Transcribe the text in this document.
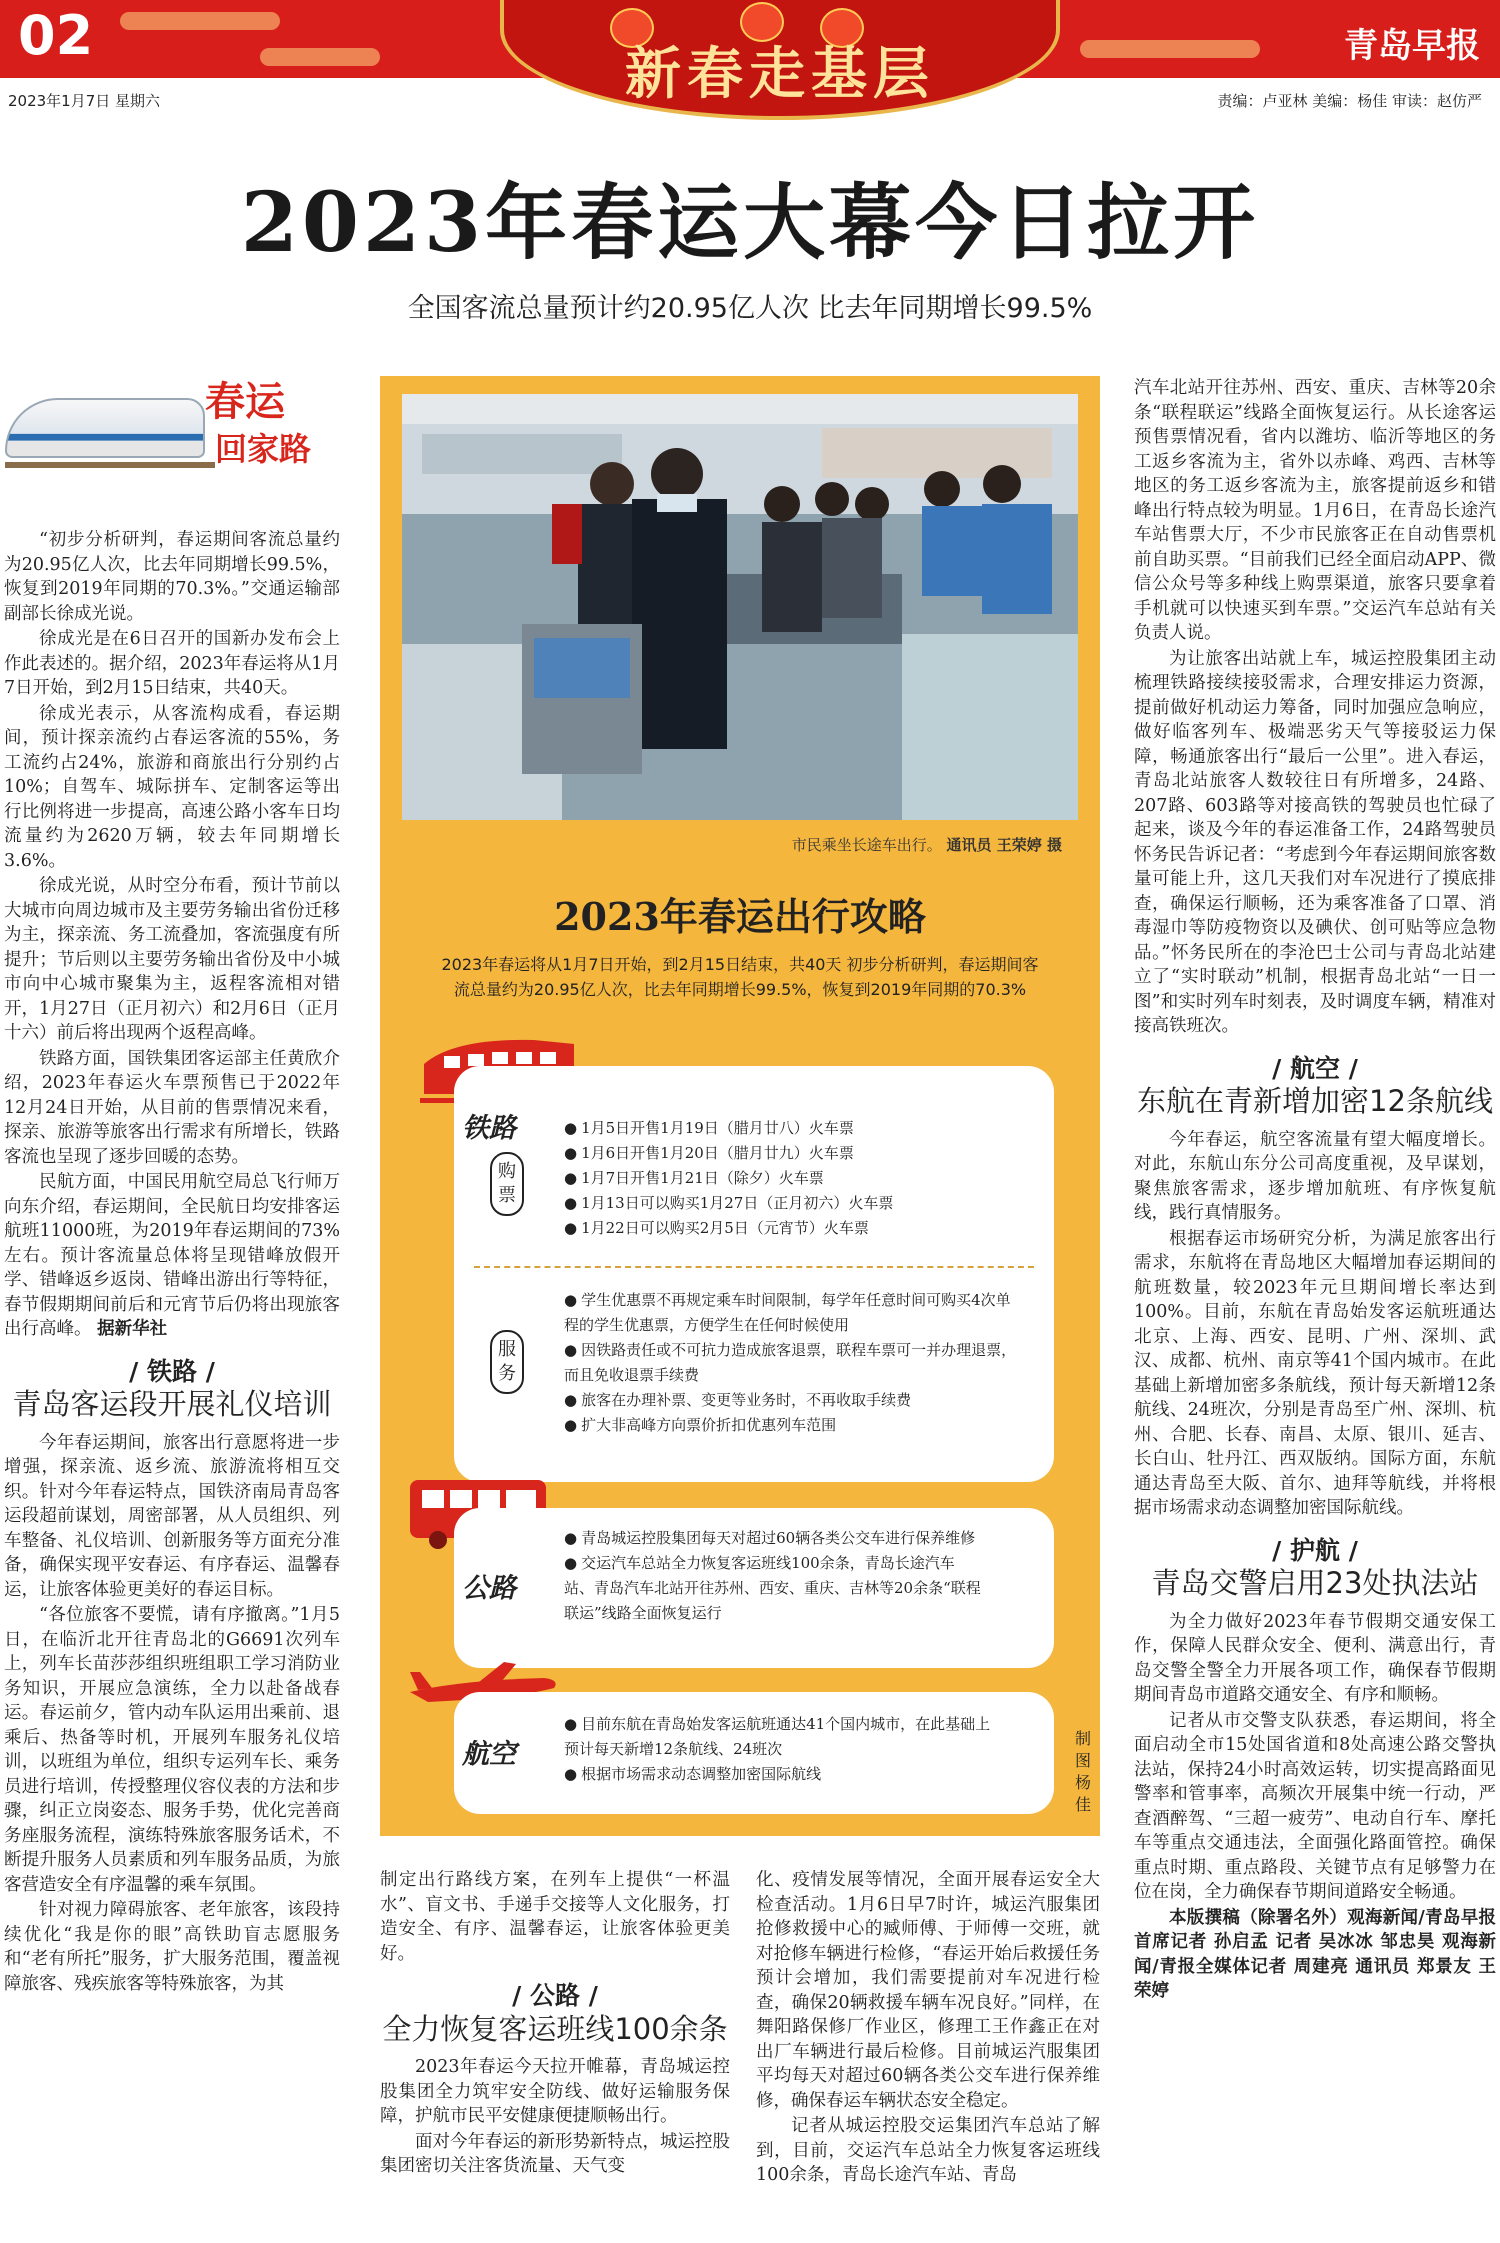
02
新春走基层	青岛早报
2023年1月7日 星期六	责编：卢亚林 美编：杨佳 审读：赵仿严
2023年春运大幕今日拉开
全国客流总量预计约20.95亿人次 比去年同期增长99.5%
春运
回家路

“初步分析研判，春运期间客流总量约为20.95亿人次，比去年同期增长99.5%，恢复到2019年同期的70.3%。”交通运输部副部长徐成光说。

徐成光是在6日召开的国新办发布会上作此表述的。据介绍，2023年春运将从1月7日开始，到2月15日结束，共40天。

徐成光表示，从客流构成看，春运期间，预计探亲流约占春运客流的55%，务工流约占24%，旅游和商旅出行分别约占10%；自驾车、城际拼车、定制客运等出行比例将进一步提高，高速公路小客车日均流量约为2620万辆，较去年同期增长3.6%。

徐成光说，从时空分布看，预计节前以大城市向周边城市及主要劳务输出省份迁移为主，探亲流、务工流叠加，客流强度有所提升；节后则以主要劳务输出省份及中小城市向中心城市聚集为主，返程客流相对错开，1月27日（正月初六）和2月6日（正月十六）前后将出现两个返程高峰。

铁路方面，国铁集团客运部主任黄欣介绍，2023年春运火车票预售已于2022年12月24日开始，从目前的售票情况来看，探亲、旅游等旅客出行需求有所增长，铁路客流也呈现了逐步回暖的态势。

民航方面，中国民用航空局总飞行师万向东介绍，春运期间，全民航日均安排客运航班11000班，为2019年春运期间的73%左右。预计客流量总体将呈现错峰放假开学、错峰返乡返岗、错峰出游出行等特征，春节假期期间前后和元宵节后仍将出现旅客出行高峰。 据新华社

/ 铁路 /
青岛客运段开展礼仪培训

今年春运期间，旅客出行意愿将进一步增强，探亲流、返乡流、旅游流将相互交织。针对今年春运特点，国铁济南局青岛客运段超前谋划，周密部署，从人员组织、列车整备、礼仪培训、创新服务等方面充分准备，确保实现平安春运、有序春运、温馨春运，让旅客体验更美好的春运目标。

“各位旅客不要慌，请有序撤离。”1月5日，在临沂北开往青岛北的G6691次列车上，列车长苗莎莎组织班组职工学习消防业务知识，开展应急演练，全力以赴备战春运。春运前夕，管内动车队运用出乘前、退乘后、热备等时机，开展列车服务礼仪培训，以班组为单位，组织专运列车长、乘务员进行培训，传授整理仪容仪表的方法和步骤，纠正立岗姿态、服务手势，优化完善商务座服务流程，演练特殊旅客服务话术，不断提升服务人员素质和列车服务品质，为旅客营造安全有序温馨的乘车氛围。

针对视力障碍旅客、老年旅客，该段持续优化“我是你的眼”高铁助盲志愿服务和“老有所托”服务，扩大服务范围，覆盖视障旅客、残疾旅客等特殊旅客，为其

市民乘坐长途车出行。 通讯员 王荣婷 摄
2023年春运出行攻略
2023年春运将从1月7日开始，到2月15日结束，共40天 初步分析研判，春运期间客流总量约为20.95亿人次，比去年同期增长99.5%，恢复到2019年同期的70.3%
铁路
购票
● 1月5日开售1月19日（腊月廿八）火车票
● 1月6日开售1月20日（腊月廿九）火车票
● 1月7日开售1月21日（除夕）火车票
● 1月13日可以购买1月27日（正月初六）火车票
● 1月22日可以购买2月5日（元宵节）火车票
服务
● 学生优惠票不再规定乘车时间限制，每学年任意时间可购买4次单程的学生优惠票，方便学生在任何时候使用
● 因铁路责任或不可抗力造成旅客退票，联程车票可一并办理退票，而且免收退票手续费
● 旅客在办理补票、变更等业务时，不再收取手续费
● 扩大非高峰方向票价折扣优惠列车范围
公路
● 青岛城运控股集团每天对超过60辆各类公交车进行保养维修
● 交运汽车总站全力恢复客运班线100余条，青岛长途汽车站、青岛汽车北站开往苏州、西安、重庆、吉林等20余条“联程联运”线路全面恢复运行
航空
● 目前东航在青岛始发客运航班通达41个国内城市，在此基础上预计每天新增12条航线、24班次
● 根据市场需求动态调整加密国际航线
制图 杨佳

制定出行路线方案，在列车上提供“一杯温水”、盲文书、手递手交接等人文化服务，打造安全、有序、温馨春运，让旅客体验更美好。

/ 公路 /
全力恢复客运班线100余条

2023年春运今天拉开帷幕，青岛城运控股集团全力筑牢安全防线、做好运输服务保障，护航市民平安健康便捷顺畅出行。

面对今年春运的新形势新特点，城运控股集团密切关注客货流量、天气变

化、疫情发展等情况，全面开展春运安全大检查活动。1月6日早7时许，城运汽服集团抢修救援中心的臧师傅、于师傅一交班，就对抢修车辆进行检修，“春运开始后救援任务预计会增加，我们需要提前对车况进行检查，确保20辆救援车辆车况良好。”同样，在舞阳路保修厂作业区，修理工王作鑫正在对出厂车辆进行最后检修。目前城运汽服集团平均每天对超过60辆各类公交车进行保养维修，确保春运车辆状态安全稳定。

记者从城运控股交运集团汽车总站了解到，目前，交运汽车总站全力恢复客运班线100余条，青岛长途汽车站、青岛

汽车北站开往苏州、西安、重庆、吉林等20余条“联程联运”线路全面恢复运行。从长途客运预售票情况看，省内以潍坊、临沂等地区的务工返乡客流为主，省外以赤峰、鸡西、吉林等地区的务工返乡客流为主，旅客提前返乡和错峰出行特点较为明显。1月6日，在青岛长途汽车站售票大厅，不少市民旅客正在自动售票机前自助买票。“目前我们已经全面启动APP、微信公众号等多种线上购票渠道，旅客只要拿着手机就可以快速买到车票。”交运汽车总站有关负责人说。

为让旅客出站就上车，城运控股集团主动梳理铁路接续接驳需求，合理安排运力资源，提前做好机动运力筹备，同时加强应急响应，做好临客列车、极端恶劣天气等接驳运力保障，畅通旅客出行“最后一公里”。进入春运，青岛北站旅客人数较往日有所增多，24路、207路、603路等对接高铁的驾驶员也忙碌了起来，谈及今年的春运准备工作，24路驾驶员怀务民告诉记者：“考虑到今年春运期间旅客数量可能上升，这几天我们对车况进行了摸底排查，确保运行顺畅，还为乘客准备了口罩、消毒湿巾等防疫物资以及碘伏、创可贴等应急物品。”怀务民所在的李沧巴士公司与青岛北站建立了“实时联动”机制，根据青岛北站“一日一图”和实时列车时刻表，及时调度车辆，精准对接高铁班次。

/ 航空 /
东航在青新增加密12条航线

今年春运，航空客流量有望大幅度增长。对此，东航山东分公司高度重视，及早谋划，聚焦旅客需求，逐步增加航班、有序恢复航线，践行真情服务。

根据春运市场研究分析，为满足旅客出行需求，东航将在青岛地区大幅增加春运期间的航班数量，较2023年元旦期间增长率达到100%。目前，东航在青岛始发客运航班通达北京、上海、西安、昆明、广州、深圳、武汉、成都、杭州、南京等41个国内城市。在此基础上新增加密多条航线，预计每天新增12条航线、24班次，分别是青岛至广州、深圳、杭州、合肥、长春、南昌、太原、银川、延吉、长白山、牡丹江、西双版纳。国际方面，东航通达青岛至大阪、首尔、迪拜等航线，并将根据市场需求动态调整加密国际航线。

/ 护航 /
青岛交警启用23处执法站

为全力做好2023年春节假期交通安保工作，保障人民群众安全、便利、满意出行，青岛交警全警全力开展各项工作，确保春节假期期间青岛市道路交通安全、有序和顺畅。

记者从市交警支队获悉，春运期间，将全面启动全市15处国省道和8处高速公路交警执法站，保持24小时高效运转，切实提高路面见警率和管事率，高频次开展集中统一行动，严查酒醉驾、“三超一疲劳”、电动自行车、摩托车等重点交通违法，全面强化路面管控。确保重点时期、重点路段、关键节点有足够警力在位在岗，全力确保春节期间道路安全畅通。

本版撰稿（除署名外）观海新闻/青岛早报首席记者 孙启孟 记者 吴冰冰 邹忠昊 观海新闻/青报全媒体记者 周建亮 通讯员 郑景友 王荣婷
